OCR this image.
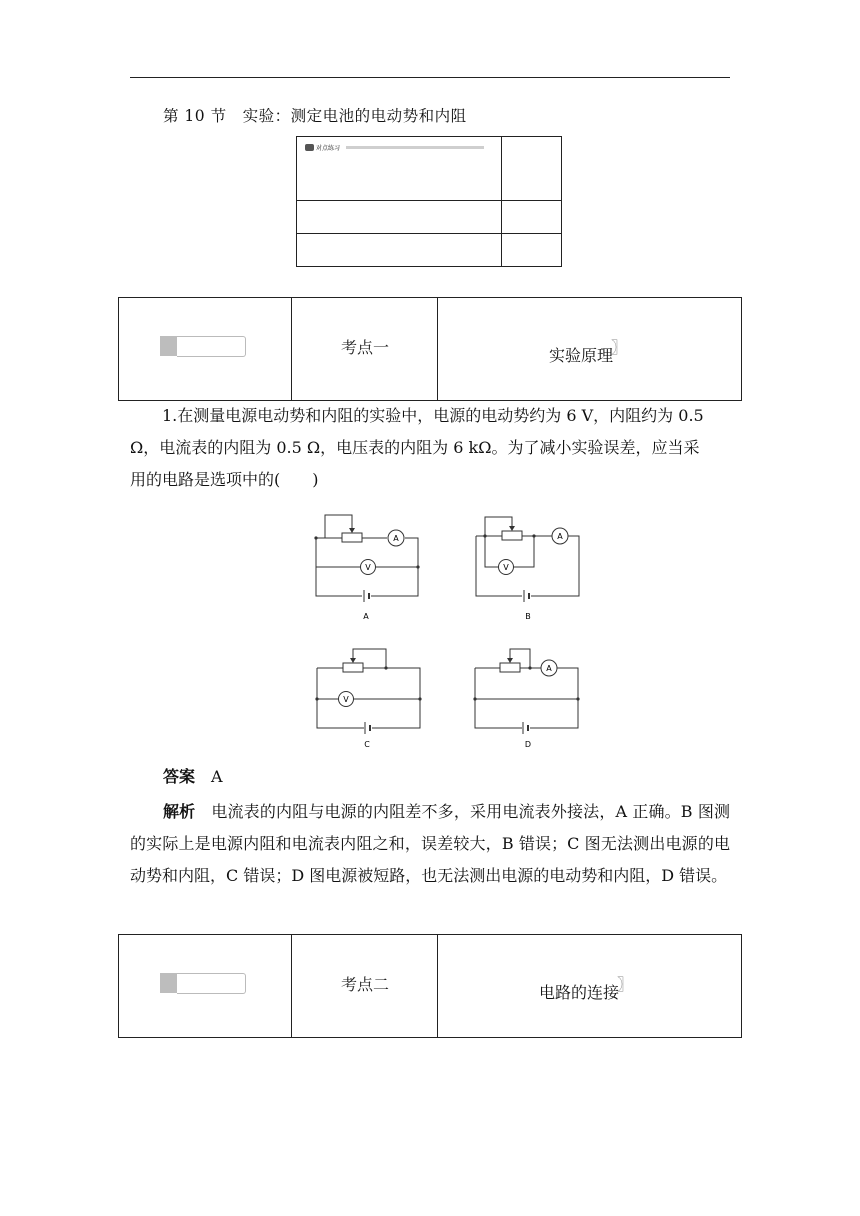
第 10 节 实验：测定电池的电动势和内阻
对点练习
考点一	实验原理
〗
1.在测量电源电动势和内阻的实验中，电源的电动势约为 6 V，内阻约为 0.5
Ω，电流表的内阻为 0.5 Ω，电压表的内阻为 6 kΩ。为了减小实验误差，应当采
用的电路是选项中的(　　)
A
V
A
A
V
B
V
C
A
D
答案 A
解析 电流表的内阻与电源的内阻差不多，采用电流表外接法，A 正确。B 图测的实际上是电源内阻和电流表内阻之和，误差较大，B 错误；C 图无法测出电源的电动势和内阻，C 错误；D 图电源被短路，也无法测出电源的电动势和内阻，D 错误。
考点二	电路的连接
〗
